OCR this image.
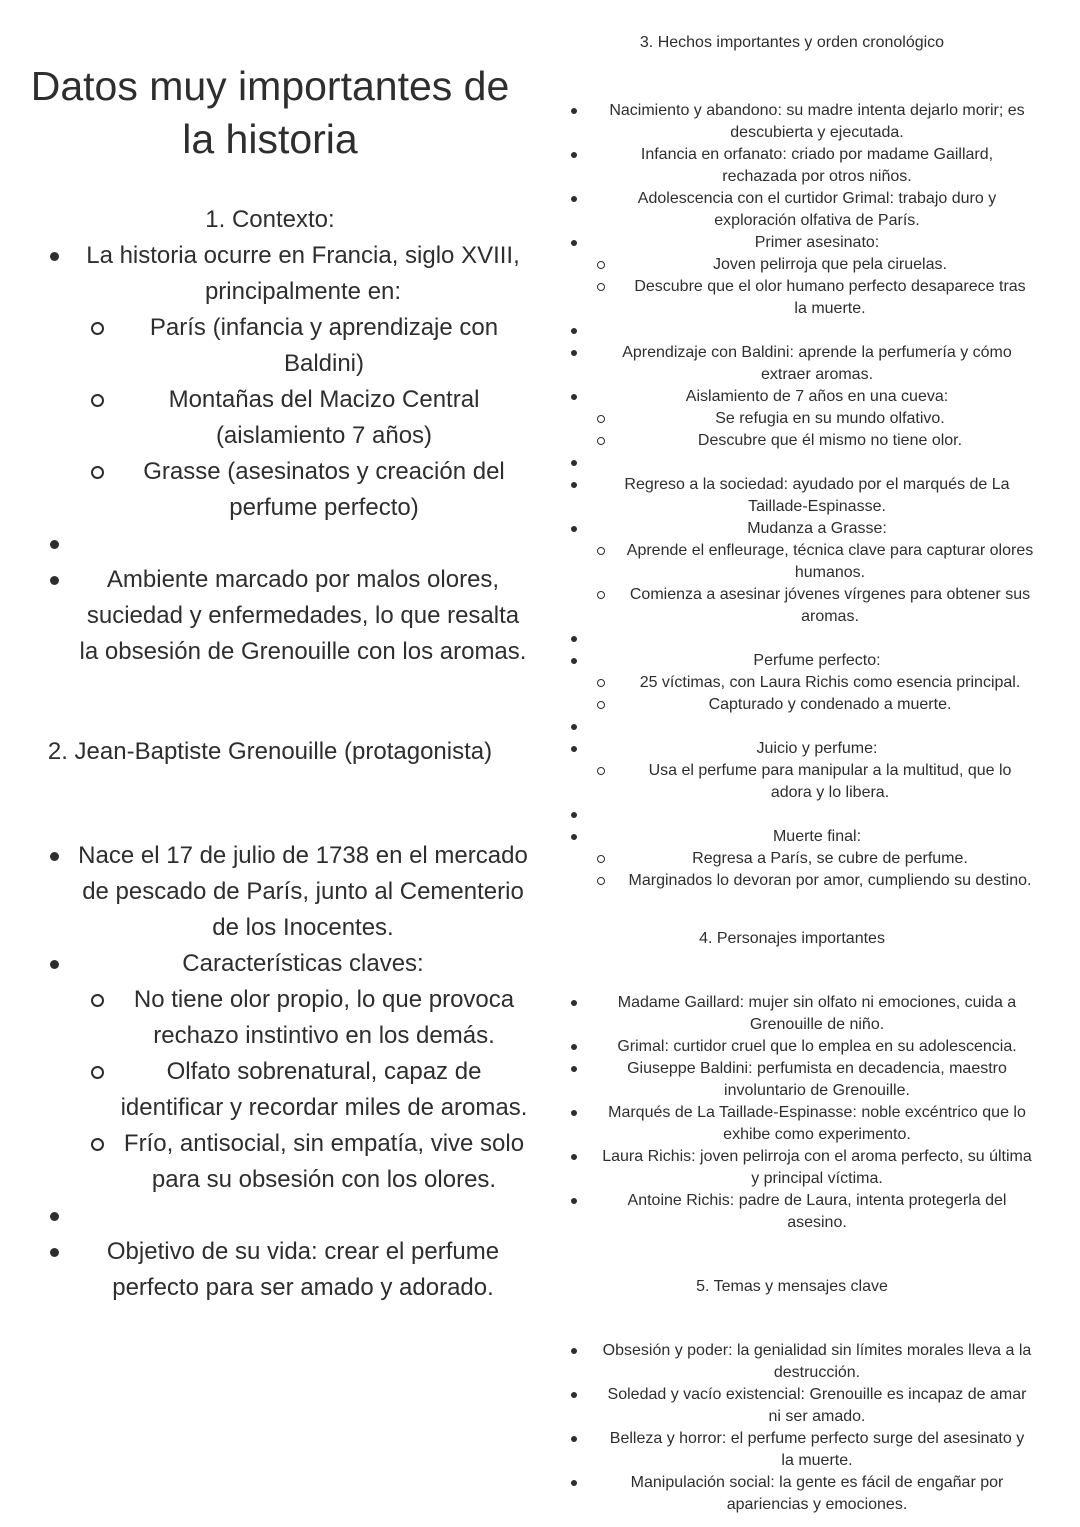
Datos muy importantes de la historia
1. Contexto:
La historia ocurre en Francia, siglo XVIII, principalmente en:
París (infancia y aprendizaje con Baldini)
Montañas del Macizo Central (aislamiento 7 años)
Grasse (asesinatos y creación del perfume perfecto)
Ambiente marcado por malos olores, suciedad y enfermedades, lo que resalta la obsesión de Grenouille con los aromas.
2. Jean-Baptiste Grenouille (protagonista)
Nace el 17 de julio de 1738 en el mercado de pescado de París, junto al Cementerio de los Inocentes.
Características claves:
No tiene olor propio, lo que provoca rechazo instintivo en los demás.
Olfato sobrenatural, capaz de identificar y recordar miles de aromas.
Frío, antisocial, sin empatía, vive solo para su obsesión con los olores.
Objetivo de su vida: crear el perfume perfecto para ser amado y adorado.
3. Hechos importantes y orden cronológico
Nacimiento y abandono: su madre intenta dejarlo morir; es descubierta y ejecutada.
Infancia en orfanato: criado por madame Gaillard, rechazada por otros niños.
Adolescencia con el curtidor Grimal: trabajo duro y exploración olfativa de París.
Primer asesinato:
Joven pelirroja que pela ciruelas.
Descubre que el olor humano perfecto desaparece tras la muerte.
Aprendizaje con Baldini: aprende la perfumería y cómo extraer aromas.
Aislamiento de 7 años en una cueva:
Se refugia en su mundo olfativo.
Descubre que él mismo no tiene olor.
Regreso a la sociedad: ayudado por el marqués de La Taillade-Espinasse.
Mudanza a Grasse:
Aprende el enfleurage, técnica clave para capturar olores humanos.
Comienza a asesinar jóvenes vírgenes para obtener sus aromas.
Perfume perfecto:
25 víctimas, con Laura Richis como esencia principal.
Capturado y condenado a muerte.
Juicio y perfume:
Usa el perfume para manipular a la multitud, que lo adora y lo libera.
Muerte final:
Regresa a París, se cubre de perfume.
Marginados lo devoran por amor, cumpliendo su destino.
4. Personajes importantes
Madame Gaillard: mujer sin olfato ni emociones, cuida a Grenouille de niño.
Grimal: curtidor cruel que lo emplea en su adolescencia.
Giuseppe Baldini: perfumista en decadencia, maestro involuntario de Grenouille.
Marqués de La Taillade-Espinasse: noble excéntrico que lo exhibe como experimento.
Laura Richis: joven pelirroja con el aroma perfecto, su última y principal víctima.
Antoine Richis: padre de Laura, intenta protegerla del asesino.
5. Temas y mensajes clave
Obsesión y poder: la genialidad sin límites morales lleva a la destrucción.
Soledad y vacío existencial: Grenouille es incapaz de amar ni ser amado.
Belleza y horror: el perfume perfecto surge del asesinato y la muerte.
Manipulación social: la gente es fácil de engañar por apariencias y emociones.
